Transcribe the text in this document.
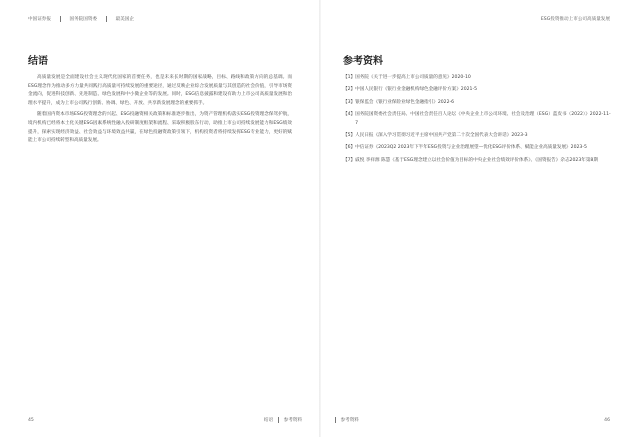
中国证券报	国务院国资委	最美国企
结语

高质量发展是全面建设社会主义现代化国家的首要任务，也是未来长时期的国家战略，目标、路线和政策方向的总基调。而ESG理念作为推动多方力量共同践行高质量可持续发展的重要途径，通过反映企业综合发展质量与其创造的社会价值，引导市场资金流向，促进科技创新、先进制造、绿色发展和中小微企业等的发展。同时，ESG信息披露和建设有助力上市公司高质量发展和治理水平提升，成为上市公司践行创新、协调、绿色、开放、共享新发展理念的重要抓手。

随着国内资本市场ESG投资理念的兴起、ESG投融资相关政策和标准逐步推出，为资产管理机构落实ESG投资理念保驾护航，境内机构已经将本土化关键ESG因素系统性融入投研制度框架和流程、采取积极股东行动，助推上市公司持续发展能力和ESG绩效提升，探索实现经济效益、社会效益与环境效益共赢，在绿色投融资政策引领下，机构投资者将持续发挥ESG专业能力，更好的赋能上市公司持续转型和高质量发展。

45	结语 参考资料
ESG投资推动上市公司高质量发展
参考资料
【1】 国务院《关于进一步提高上市公司质量的意见》2020-10
【2】 中国人民银行《银行业金融机构绿色金融评价方案》2021-5
【3】 银保监会《银行业保险业绿色金融指引》2022-6
【4】 国务院国资委社会责任局、中国社会责任百人论坛《中央企业上市公司环境、社会及治理（ESG）蓝皮书（2022）》2022-11-7
【5】 人民日报《深入学习贯彻习近平主席中国共产党第二十次全国代表大会讲话》2023-3
【6】 中信证券《2023Q2 2023年下半年ESG投资与企业治理展望—优化ESG评价体系、赋能企业高质量发展》2023-5
【7】 戚悦 李祥源 陈慧《基于ESG理念建立以社会价值为目标的中央企业社会绩效评价体系》、《国资报告》杂志2023年第8期
参考资料	46
